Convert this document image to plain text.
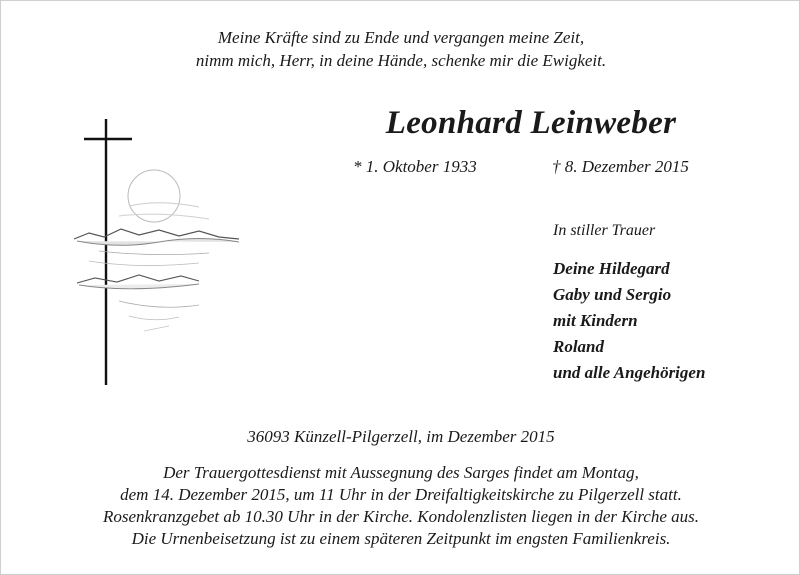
Meine Kräfte sind zu Ende und vergangen meine Zeit,
nimm mich, Herr, in deine Hände, schenke mir die Ewigkeit.
Leonhard Leinweber
* 1. Oktober 1933	† 8. Dezember 2015
In stiller Trauer
Deine Hildegard
Gaby und Sergio
mit Kindern
Roland
und alle Angehörigen
36093 Künzell-Pilgerzell, im Dezember 2015
Der Trauergottesdienst mit Aussegnung des Sarges findet am Montag,
dem 14. Dezember 2015, um 11 Uhr in der Dreifaltigkeitskirche zu Pilgerzell statt.
Rosenkranzgebet ab 10.30 Uhr in der Kirche. Kondolenzlisten liegen in der Kirche aus.
Die Urnenbeisetzung ist zu einem späteren Zeitpunkt im engsten Familienkreis.
